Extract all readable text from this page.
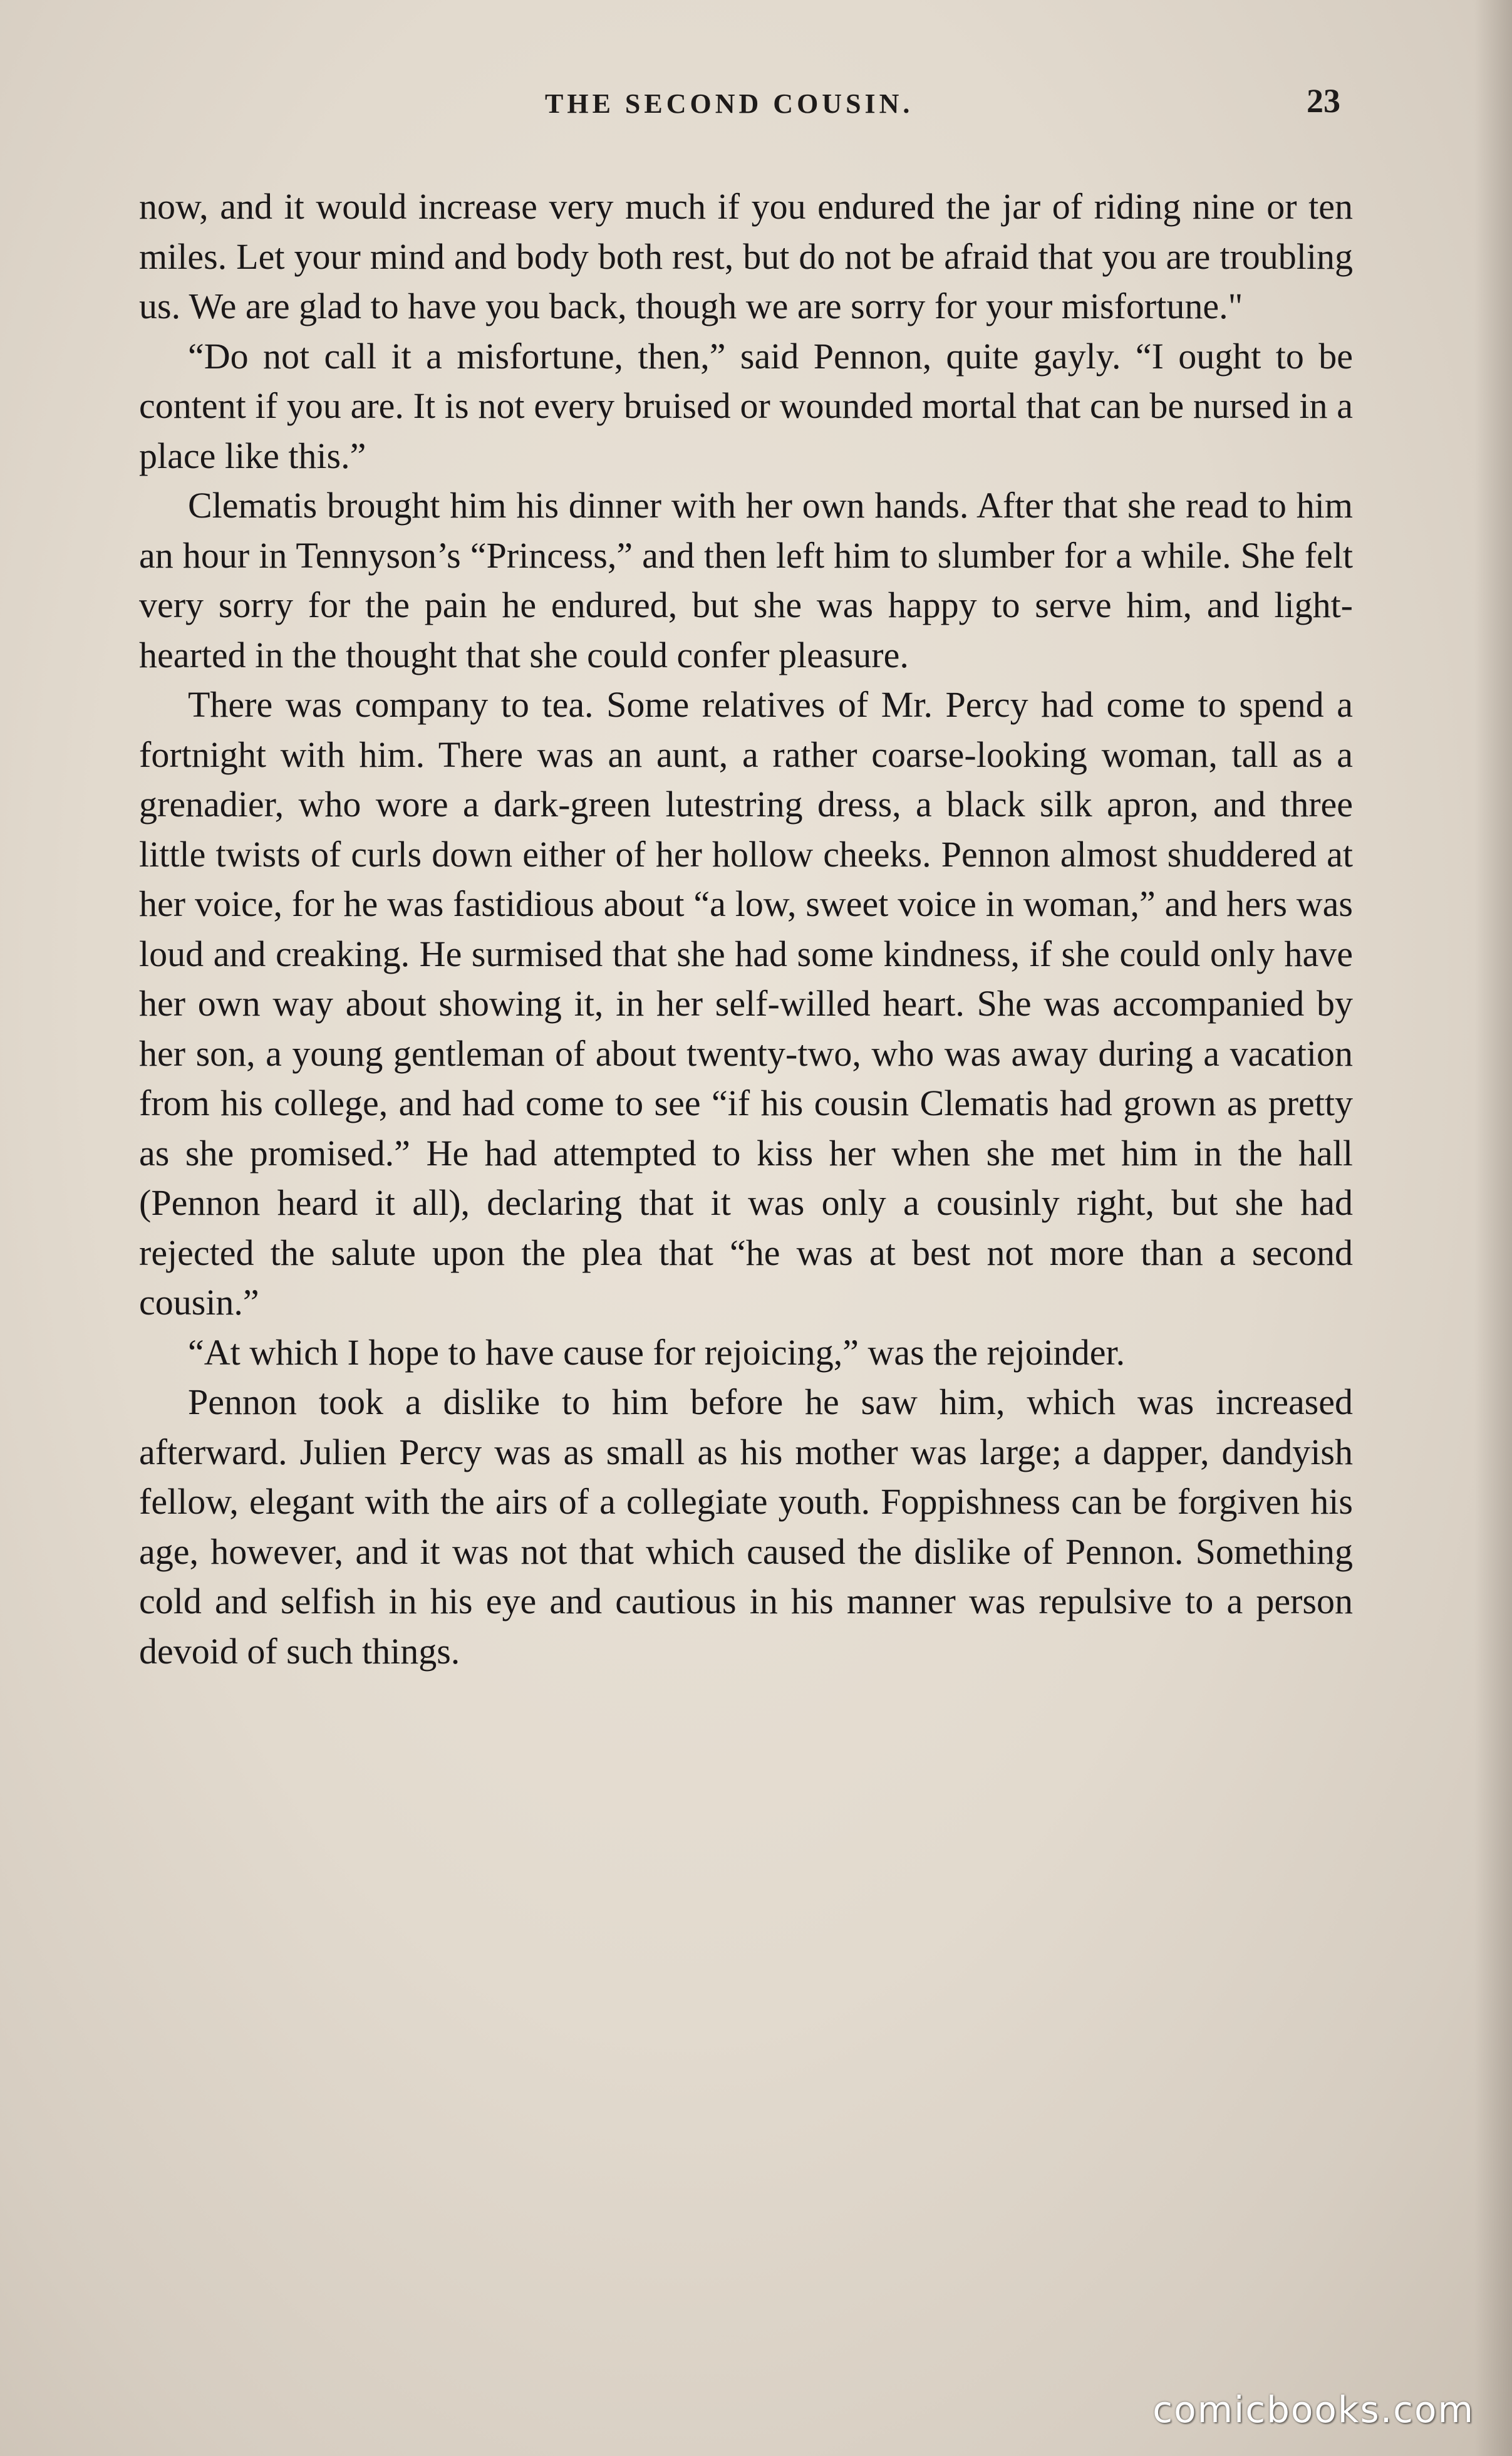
THE SECOND COUSIN.	23

now, and it would increase very much if you endured the jar of riding nine or ten miles. Let your mind and body both rest, but do not be afraid that you are troubling us. We are glad to have you back, though we are sorry for your misfortune."

“Do not call it a misfortune, then,” said Pennon, quite gayly. “I ought to be content if you are. It is not every bruised or wounded mortal that can be nursed in a place like this.”

Clematis brought him his dinner with her own hands. After that she read to him an hour in Tennyson’s “Princess,” and then left him to slumber for a while. She felt very sorry for the pain he endured, but she was happy to serve him, and light-hearted in the thought that she could confer pleasure.

There was company to tea. Some relatives of Mr. Percy had come to spend a fortnight with him. There was an aunt, a rather coarse-looking woman, tall as a grenadier, who wore a dark-green lutestring dress, a black silk apron, and three little twists of curls down either of her hollow cheeks. Pennon almost shuddered at her voice, for he was fastidious about “a low, sweet voice in woman,” and hers was loud and creaking. He surmised that she had some kindness, if she could only have her own way about showing it, in her self-willed heart. She was accompanied by her son, a young gentleman of about twenty-two, who was away during a vacation from his college, and had come to see “if his cousin Clematis had grown as pretty as she promised.” He had attempted to kiss her when she met him in the hall (Pennon heard it all), declaring that it was only a cousinly right, but she had rejected the salute upon the plea that “he was at best not more than a second cousin.”

“At which I hope to have cause for rejoicing,” was the rejoinder.

Pennon took a dislike to him before he saw him, which was increased afterward. Julien Percy was as small as his mother was large; a dapper, dandyish fellow, elegant with the airs of a collegiate youth. Foppishness can be forgiven his age, however, and it was not that which caused the dislike of Pennon. Something cold and selfish in his eye and cautious in his manner was repulsive to a person devoid of such things.

comicbooks.com
